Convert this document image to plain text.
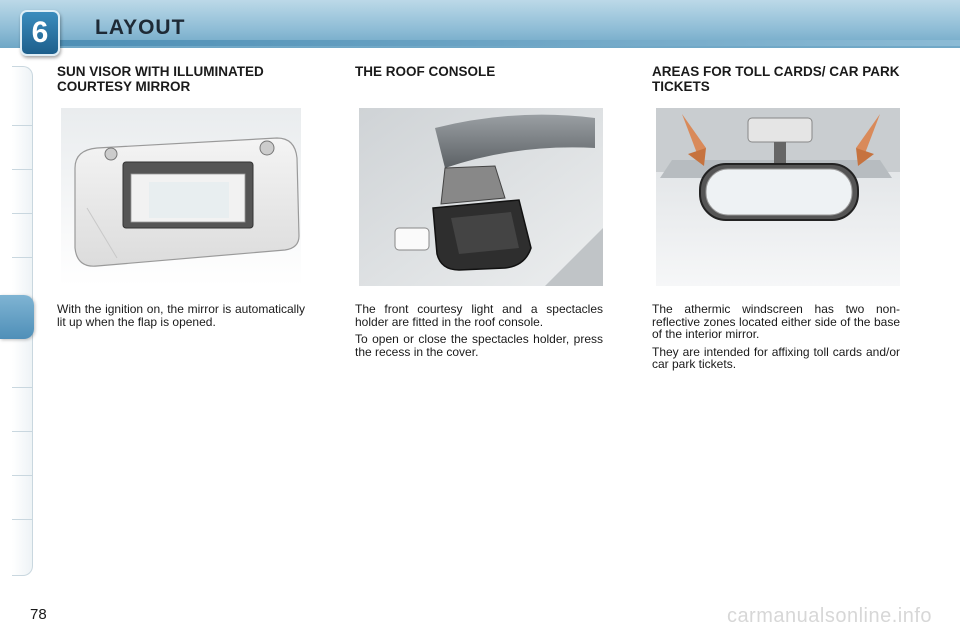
6	LAYOUT
SUN VISOR WITH ILLUMINATED COURTESY MIRROR

With the ignition on, the mirror is automatically lit up when the flap is opened.

THE ROOF CONSOLE

The front courtesy light and a spectacles holder are fitted in the roof console.

To open or close the spectacles holder, press the recess in the cover.

AREAS FOR TOLL CARDS/ CAR PARK TICKETS

The athermic windscreen has two non-reflective zones located either side of the base of the interior mirror.

They are intended for affixing toll cards and/or car park tickets.

78	carmanualsonline.info
